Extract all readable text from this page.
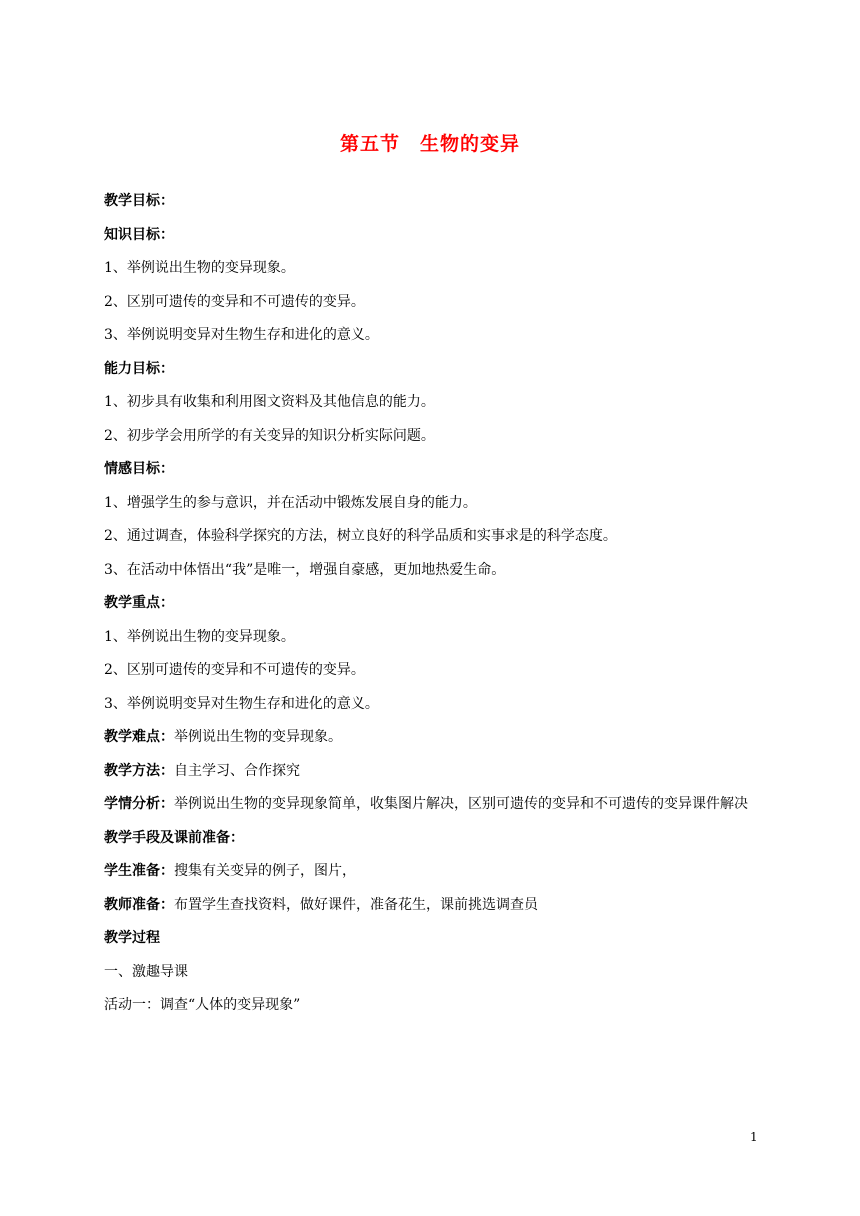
第五节　生物的变异

教学目标：

知识目标：

1、举例说出生物的变异现象。

2、区别可遗传的变异和不可遗传的变异。

3、举例说明变异对生物生存和进化的意义。

能力目标：

1、初步具有收集和利用图文资料及其他信息的能力。

2、初步学会用所学的有关变异的知识分析实际问题。

情感目标：

1、增强学生的参与意识，并在活动中锻炼发展自身的能力。

2、通过调查，体验科学探究的方法，树立良好的科学品质和实事求是的科学态度。

3、在活动中体悟出“我”是唯一，增强自豪感，更加地热爱生命。

教学重点：

1、举例说出生物的变异现象。

2、区别可遗传的变异和不可遗传的变异。

3、举例说明变异对生物生存和进化的意义。

教学难点：举例说出生物的变异现象。

教学方法：自主学习、合作探究

学情分析：举例说出生物的变异现象简单，收集图片解决，区别可遗传的变异和不可遗传的变异课件解决

教学手段及课前准备：

学生准备：搜集有关变异的例子，图片，

教师准备：布置学生查找资料，做好课件，准备花生，课前挑选调查员

教学过程

一、激趣导课

活动一：调查“人体的变异现象”

1
